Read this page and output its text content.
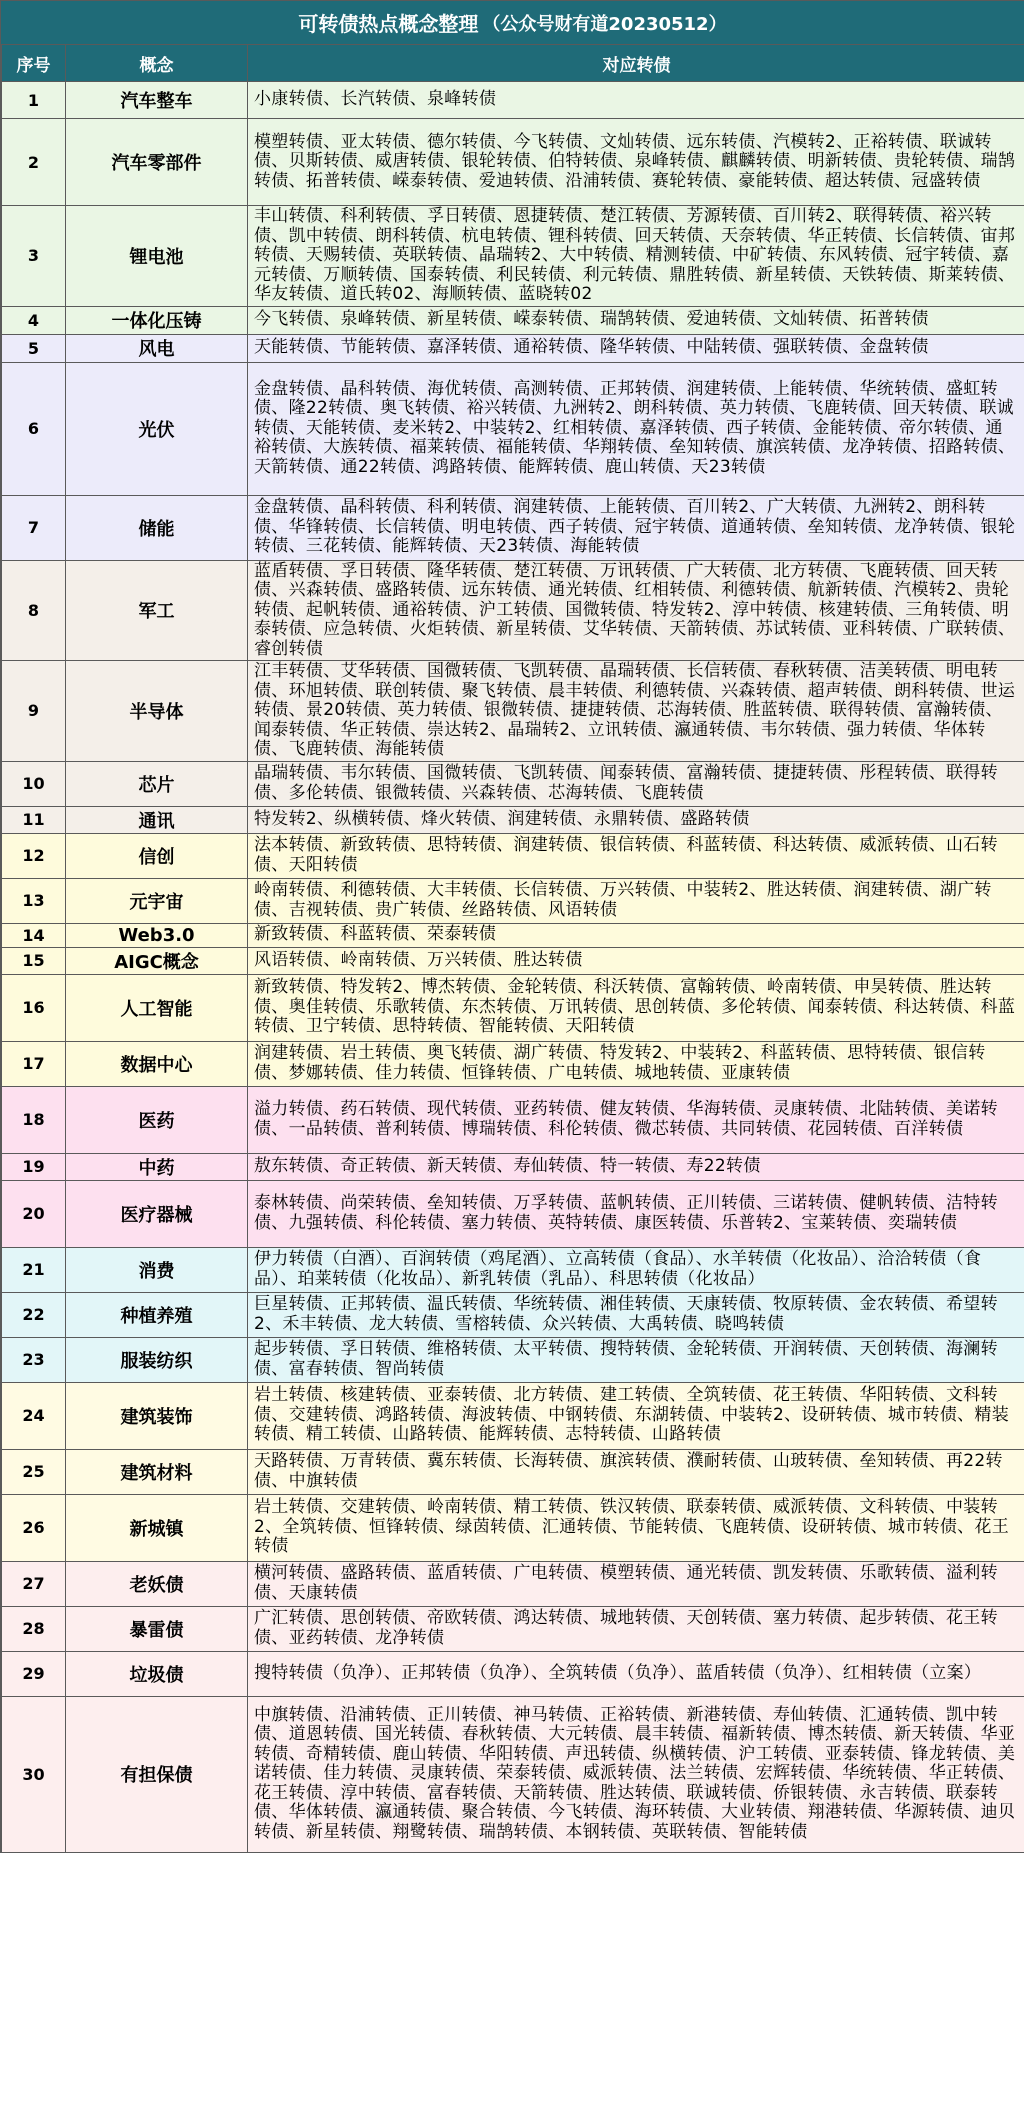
可转债热点概念整理 （公众号财有道20230512）
序号	概念	对应转债
1	汽车整车	小康转债、长汽转债、泉峰转债
2	汽车零部件	模塑转债、亚太转债、德尔转债、今飞转债、文灿转债、远东转债、汽模转2、正裕转债、联诚转债、贝斯转债、威唐转债、银轮转债、伯特转债、泉峰转债、麒麟转债、明新转债、贵轮转债、瑞鹄转债、拓普转债、嵘泰转债、爱迪转债、沿浦转债、赛轮转债、豪能转债、超达转债、冠盛转债
3	锂电池	丰山转债、科利转债、孚日转债、恩捷转债、楚江转债、芳源转债、百川转2、联得转债、裕兴转债、凯中转债、朗科转债、杭电转债、锂科转债、回天转债、天奈转债、华正转债、长信转债、宙邦转债、天赐转债、英联转债、晶瑞转2、大中转债、精测转债、中矿转债、东风转债、冠宇转债、嘉元转债、万顺转债、国泰转债、利民转债、利元转债、鼎胜转债、新星转债、天铁转债、斯莱转债、华友转债、道氏转02、海顺转债、蓝晓转02
4	一体化压铸	今飞转债、泉峰转债、新星转债、嵘泰转债、瑞鹄转债、爱迪转债、文灿转债、拓普转债
5	风电	天能转债、节能转债、嘉泽转债、通裕转债、隆华转债、中陆转债、强联转债、金盘转债
6	光伏	金盘转债、晶科转债、海优转债、高测转债、正邦转债、润建转债、上能转债、华统转债、盛虹转债、隆22转债、奥飞转债、裕兴转债、九洲转2、朗科转债、英力转债、飞鹿转债、回天转债、联诚转债、天能转债、麦米转2、中装转2、红相转债、嘉泽转债、西子转债、金能转债、帝尔转债、通裕转债、大族转债、福莱转债、福能转债、华翔转债、垒知转债、旗滨转债、龙净转债、招路转债、天箭转债、通22转债、鸿路转债、能辉转债、鹿山转债、天23转债
7	储能	金盘转债、晶科转债、科利转债、润建转债、上能转债、百川转2、广大转债、九洲转2、朗科转债、华锋转债、长信转债、明电转债、西子转债、冠宇转债、道通转债、垒知转债、龙净转债、银轮转债、三花转债、能辉转债、天23转债、海能转债
8	军工	蓝盾转债、孚日转债、隆华转债、楚江转债、万讯转债、广大转债、北方转债、飞鹿转债、回天转债、兴森转债、盛路转债、远东转债、通光转债、红相转债、利德转债、航新转债、汽模转2、贵轮转债、起帆转债、通裕转债、沪工转债、国微转债、特发转2、淳中转债、核建转债、三角转债、明泰转债、应急转债、火炬转债、新星转债、艾华转债、天箭转债、苏试转债、亚科转债、广联转债、睿创转债
9	半导体	江丰转债、艾华转债、国微转债、飞凯转债、晶瑞转债、长信转债、春秋转债、洁美转债、明电转债、环旭转债、联创转债、聚飞转债、晨丰转债、利德转债、兴森转债、超声转债、朗科转债、世运转债、景20转债、英力转债、银微转债、捷捷转债、芯海转债、胜蓝转债、联得转债、富瀚转债、闻泰转债、华正转债、崇达转2、晶瑞转2、立讯转债、瀛通转债、韦尔转债、强力转债、华体转债、飞鹿转债、海能转债
10	芯片	晶瑞转债、韦尔转债、国微转债、飞凯转债、闻泰转债、富瀚转债、捷捷转债、彤程转债、联得转债、多伦转债、银微转债、兴森转债、芯海转债、飞鹿转债
11	通讯	特发转2、纵横转债、烽火转债、润建转债、永鼎转债、盛路转债
12	信创	法本转债、新致转债、思特转债、润建转债、银信转债、科蓝转债、科达转债、威派转债、山石转债、天阳转债
13	元宇宙	岭南转债、利德转债、大丰转债、长信转债、万兴转债、中装转2、胜达转债、润建转债、湖广转债、吉视转债、贵广转债、丝路转债、风语转债
14	Web3.0	新致转债、科蓝转债、荣泰转债
15	AIGC概念	风语转债、岭南转债、万兴转债、胜达转债
16	人工智能	新致转债、特发转2、博杰转债、金轮转债、科沃转债、富翰转债、岭南转债、申昊转债、胜达转债、奥佳转债、乐歌转债、东杰转债、万讯转债、思创转债、多伦转债、闻泰转债、科达转债、科蓝转债、卫宁转债、思特转债、智能转债、天阳转债
17	数据中心	润建转债、岩土转债、奥飞转债、湖广转债、特发转2、中装转2、科蓝转债、思特转债、银信转债、梦娜转债、佳力转债、恒锋转债、广电转债、城地转债、亚康转债
18	医药	溢力转债、药石转债、现代转债、亚药转债、健友转债、华海转债、灵康转债、北陆转债、美诺转债、一品转债、普利转债、博瑞转债、科伦转债、微芯转债、共同转债、花园转债、百洋转债
19	中药	敖东转债、奇正转债、新天转债、寿仙转债、特一转债、寿22转债
20	医疗器械	泰林转债、尚荣转债、垒知转债、万孚转债、蓝帆转债、正川转债、三诺转债、健帆转债、洁特转债、九强转债、科伦转债、塞力转债、英特转债、康医转债、乐普转2、宝莱转债、奕瑞转债
21	消费	伊力转债（白酒）、百润转债（鸡尾酒）、立高转债（食品）、水羊转债（化妆品）、洽洽转债（食品）、珀莱转债（化妆品）、新乳转债（乳品）、科思转债（化妆品）
22	种植养殖	巨星转债、正邦转债、温氏转债、华统转债、湘佳转债、天康转债、牧原转债、金农转债、希望转2、禾丰转债、龙大转债、雪榕转债、众兴转债、大禹转债、晓鸣转债
23	服装纺织	起步转债、孚日转债、维格转债、太平转债、搜特转债、金轮转债、开润转债、天创转债、海澜转债、富春转债、智尚转债
24	建筑装饰	岩土转债、核建转债、亚泰转债、北方转债、建工转债、全筑转债、花王转债、华阳转债、文科转债、交建转债、鸿路转债、海波转债、中钢转债、东湖转债、中装转2、设研转债、城市转债、精装转债、精工转债、山路转债、能辉转债、志特转债、山路转债
25	建筑材料	天路转债、万青转债、冀东转债、长海转债、旗滨转债、濮耐转债、山玻转债、垒知转债、再22转债、中旗转债
26	新城镇	岩土转债、交建转债、岭南转债、精工转债、铁汉转债、联泰转债、威派转债、文科转债、中装转2、全筑转债、恒锋转债、绿茵转债、汇通转债、节能转债、飞鹿转债、设研转债、城市转债、花王转债
27	老妖债	横河转债、盛路转债、蓝盾转债、广电转债、模塑转债、通光转债、凯发转债、乐歌转债、溢利转债、天康转债
28	暴雷债	广汇转债、思创转债、帝欧转债、鸿达转债、城地转债、天创转债、塞力转债、起步转债、花王转债、亚药转债、龙净转债
29	垃圾债	搜特转债（负净）、正邦转债（负净）、全筑转债（负净）、蓝盾转债（负净）、红相转债（立案）
30	有担保债	中旗转债、沿浦转债、正川转债、神马转债、正裕转债、新港转债、寿仙转债、汇通转债、凯中转债、道恩转债、国光转债、春秋转债、大元转债、晨丰转债、福新转债、博杰转债、新天转债、华亚转债、奇精转债、鹿山转债、华阳转债、声迅转债、纵横转债、沪工转债、亚泰转债、锋龙转债、美诺转债、佳力转债、灵康转债、荣泰转债、威派转债、法兰转债、宏辉转债、华统转债、华正转债、花王转债、淳中转债、富春转债、天箭转债、胜达转债、联诚转债、侨银转债、永吉转债、联泰转债、华体转债、瀛通转债、聚合转债、今飞转债、海环转债、大业转债、翔港转债、华源转债、迪贝转债、新星转债、翔鹭转债、瑞鹄转债、本钢转债、英联转债、智能转债
